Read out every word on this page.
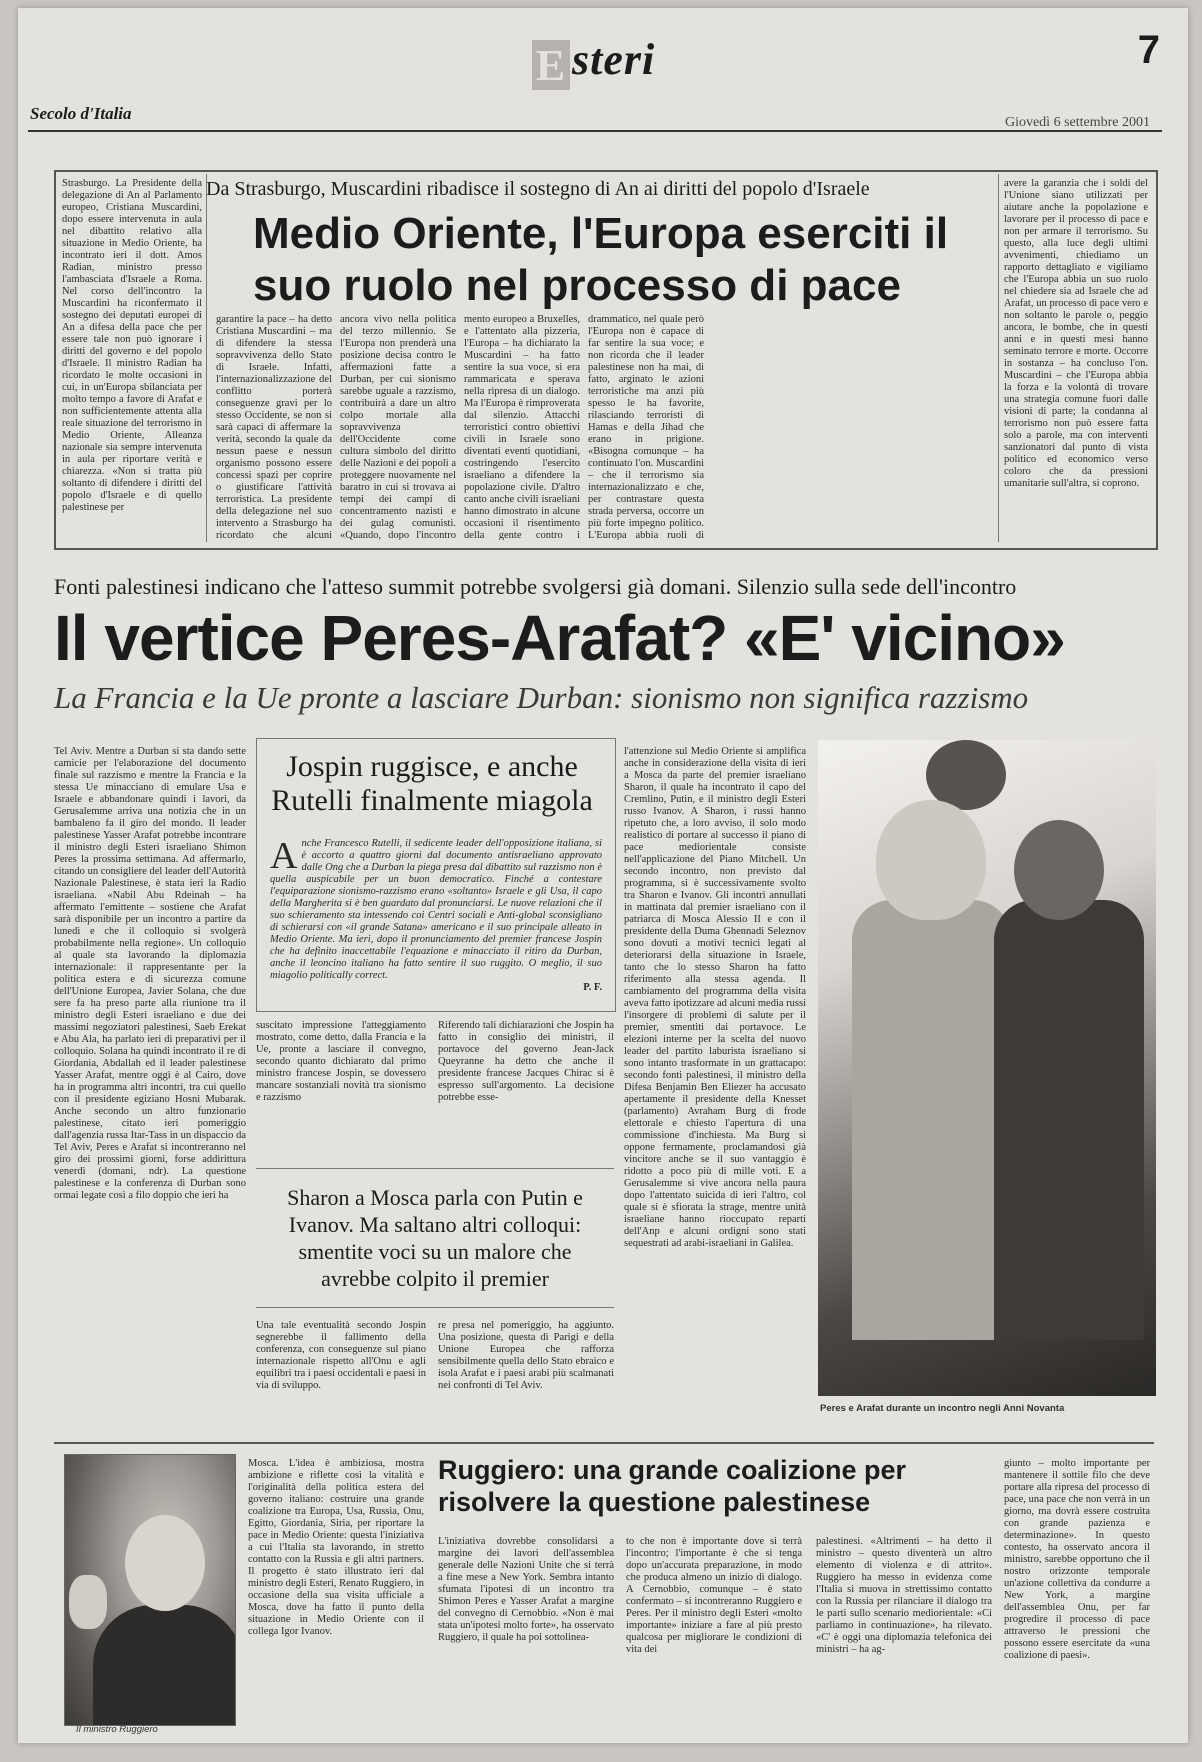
E steri	7
Secolo d'Italia	Giovedì 6 settembre 2001
Strasburgo. La Presidente della delegazione di An al Parlamento europeo, Cristiana Muscardini, dopo essere intervenuta in aula nel dibattito relativo alla situazione in Medio Oriente, ha incontrato ieri il dott. Amos Radian, ministro presso l'ambasciata d'Israele a Roma. Nel corso dell'incontro la Muscardini ha riconfermato il sostegno dei deputati europei di An a difesa della pace che per essere tale non può ignorare i diritti del governo e del popolo d'Israele. Il ministro Radian ha ricordato le molte occasioni in cui, in un'Europa sbilanciata per molto tempo a favore di Arafat e non sufficientemente attenta alla reale situazione del terrorismo in Medio Oriente, Alleanza nazionale sia sempre intervenuta in aula per riportare verità e chiarezza. «Non si tratta più soltanto di difendere i diritti del popolo d'Israele e di quello palestinese per
Da Strasburgo, Muscardini ribadisce il sostegno di An ai diritti del popolo d'Israele
Medio Oriente, l'Europa eserciti il suo ruolo nel processo di pace
garantire la pace – ha detto Cristiana Muscardini – ma di difendere la stessa sopravvivenza dello Stato di Israele. Infatti, l'internazionalizzazione del conflitto porterà conseguenze gravi per lo stesso Occidente, se non si sarà capaci di affermare la verità, secondo la quale da nessun paese e nessun organismo possono essere concessi spazi per coprire o giustificare l'attività terroristica. La presidente della delegazione nel suo intervento a Strasburgo ha ricordato che alcuni
ancora vivo nella politica del terzo millennio. Se l'Europa non prenderà una posizione decisa contro le affermazioni fatte a Durban, per cui sionismo sarebbe uguale a razzismo, contribuirà a dare un altro colpo mortale alla sopravvivenza dell'Occidente come cultura simbolo del diritto delle Nazioni e dei popoli a proteggere nuovamente nel baratro in cui si trovava ai tempi dei campi di concentramento nazisti e dei gulag comunisti. «Quando, dopo l'incontro
mento europeo a Bruxelles, e l'attentato alla pizzeria, l'Europa – ha dichiarato la Muscardini – ha fatto sentire la sua voce, si era rammaricata e sperava nella ripresa di un dialogo. Ma l'Europa è rimproverata dal silenzio. Attacchi terroristici contro obiettivi civili in Israele sono diventati eventi quotidiani, costringendo l'esercito israeliano a difendere la popolazione civile. D'altro canto anche civili israeliani hanno dimostrato in alcune occasioni il risentimento della gente contro i
drammatico, nel quale però l'Europa non è capace di far sentire la sua voce; e non ricorda che il leader palestinese non ha mai, di fatto, arginato le azioni terroristiche ma anzi più spesso le ha favorite, rilasciando terroristi di Hamas e della Jihad che erano in prigione. «Bisogna comunque – ha continuato l'on. Muscardini – che il terrorismo sia internazionalizzato e che, per contrastare questa strada perversa, occorre un più forte impegno politico. L'Europa abbia ruoli di
avere la garanzia che i soldi del l'Unione siano utilizzati per aiutare anche la popolazione e lavorare per il processo di pace e non per armare il terrorismo. Su questo, alla luce degli ultimi avvenimenti, chiediamo un rapporto dettagliato e vigiliamo che l'Europa abbia un suo ruolo nel chiedere sia ad Israele che ad Arafat, un processo di pace vero e non soltanto le parole o, peggio ancora, le bombe, che in questi anni e in questi mesi hanno seminato terrore e morte. Occorre in sostanza – ha concluso l'on. Muscardini – che l'Europa abbia la forza e la volontà di trovare una strategia comune fuori dalle visioni di parte; la condanna al terrorismo non può essere fatta solo a parole, ma con interventi sanzionatori dal punto di vista politico ed economico verso coloro che da pressioni umanitarie sull'altra, si coprono.
Fonti palestinesi indicano che l'atteso summit potrebbe svolgersi già domani. Silenzio sulla sede dell'incontro
Il vertice Peres-Arafat? «E' vicino»
La Francia e la Ue pronte a lasciare Durban: sionismo non significa razzismo
Tel Aviv. Mentre a Durban si sta dando sette camicie per l'elaborazione del documento finale sul razzismo e mentre la Francia e la stessa Ue minacciano di emulare Usa e Israele e abbandonare quindi i lavori, da Gerusalemme arriva una notizia che in un bambaleno fa il giro del mondo. Il leader palestinese Yasser Arafat potrebbe incontrare il ministro degli Esteri israeliano Shimon Peres la prossima settimana. Ad affermarlo, citando un consigliere del leader dell'Autorità Nazionale Palestinese, è stata ieri la Radio israeliana. «Nabil Abu Rdeinah – ha affermato l'emittente – sostiene che Arafat sarà disponibile per un incontro a partire da lunedì e che il colloquio si svolgerà probabilmente nella regione». Un colloquio al quale sta lavorando la diplomazia internazionale: il rappresentante per la politica estera e di sicurezza comune dell'Unione Europea, Javier Solana, che due sere fa ha preso parte alla riunione tra il ministro degli Esteri israeliano e due dei massimi negoziatori palestinesi, Saeb Erekat e Abu Ala, ha parlato ieri di preparativi per il colloquio. Solana ha quindi incontrato il re di Giordania, Abdallah ed il leader palestinese Yasser Arafat, mentre oggi è al Cairo, dove ha in programma altri incontri, tra cui quello con il presidente egiziano Hosni Mubarak. Anche secondo un altro funzionario palestinese, citato ieri pomeriggio dall'agenzia russa Itar-Tass in un dispaccio da Tel Aviv, Peres e Arafat si incontreranno nel giro dei prossimi giorni, forse addirittura venerdì (domani, ndr). La questione palestinese e la conferenza di Durban sono ormai legate così a filo doppio che ieri ha
Jospin ruggisce, e anche Rutelli finalmente miagola
Anche Francesco Rutelli, il sedicente leader dell'opposizione italiana, si è accorto a quattro giorni dal documento antisraeliano approvato dalle Ong che a Durban la piega presa dal dibattito sul razzismo non è quella auspicabile per un buon democratico. Finché a contestare l'equiparazione sionismo-razzismo erano «soltanto» Israele e gli Usa, il capo della Margherita si è ben guardato dal pronunciarsi. Le nuove relazioni che il suo schieramento sta intessendo coi Centri sociali e Anti-global sconsigliano di schierarsi con «il grande Satana» americano e il suo principale alleato in Medio Oriente. Ma ieri, dopo il pronunciamento del premier francese Jospin che ha definito inaccettabile l'equazione e minacciato il ritiro da Durban, anche il leoncino italiano ha fatto sentire il suo ruggito. O meglio, il suo miagolio politically correct.
P. F.
suscitato impressione l'atteggiamento mostrato, come detto, dalla Francia e la Ue, pronte a lasciare il convegno, secondo quanto dichiarato dal primo ministro francese Jospin, se dovessero mancare sostanziali novità tra sionismo e razzismo
Riferendo tali dichiarazioni che Jospin ha fatto in consiglio dei ministri, il portavoce del governo Jean-Jack Queyranne ha detto che anche il presidente francese Jacques Chirac si è espresso sull'argomento. La decisione potrebbe esse-
Sharon a Mosca parla con Putin e Ivanov. Ma saltano altri colloqui: smentite voci su un malore che avrebbe colpito il premier
Una tale eventualità secondo Jospin segnerebbe il fallimento della conferenza, con conseguenze sul piano internazionale rispetto all'Onu e agli equilibri tra i paesi occidentali e paesi in via di sviluppo.
re presa nel pomeriggio, ha aggiunto. Una posizione, questa di Parigi e della Unione Europea che rafforza sensibilmente quella dello Stato ebraico e isola Arafat e i paesi arabi più scalmanati nei confronti di Tel Aviv.
l'attenzione sul Medio Oriente si amplifica anche in considerazione della visita di ieri a Mosca da parte del premier israeliano Sharon, il quale ha incontrato il capo del Cremlino, Putin, e il ministro degli Esteri russo Ivanov. A Sharon, i russi hanno ripetuto che, a loro avviso, il solo modo realistico di portare al successo il piano di pace mediorientale consiste nell'applicazione del Piano Mitchell. Un secondo incontro, non previsto dal programma, si è successivamente svolto tra Sharon e Ivanov. Gli incontri annullati in mattinata dal premier israeliano con il patriarca di Mosca Alessio II e con il presidente della Duma Ghennadi Seleznov sono dovuti a motivi tecnici legati al deteriorarsi della situazione in Israele, tanto che lo stesso Sharon ha fatto riferimento alla stessa agenda. Il cambiamento del programma della visita aveva fatto ipotizzare ad alcuni media russi l'insorgere di problemi di salute per il premier, smentiti dai portavoce. Le elezioni interne per la scelta del nuovo leader del partito laburista israeliano si sono intanto trasformate in un grattacapo: secondo fonti palestinesi, il ministro della Difesa Benjamin Ben Eliezer ha accusato apertamente il presidente della Knesset (parlamento) Avraham Burg di frode elettorale e chiesto l'apertura di una commissione d'inchiesta. Ma Burg si oppone fermamente, proclamandosi già vincitore anche se il suo vantaggio è ridotto a poco più di mille voti. E a Gerusalemme si vive ancora nella paura dopo l'attentato suicida di ieri l'altro, col quale si è sfiorata la strage, mentre unità israeliane hanno rioccupato reparti dell'Anp e alcuni ordigni sono stati sequestrati ad arabi-israeliani in Galilea.
Peres e Arafat durante un incontro negli Anni Novanta
Il ministro Ruggiero
Mosca. L'idea è ambiziosa, mostra ambizione e riflette così la vitalità e l'originalità della politica estera del governo italiano: costruire una grande coalizione tra Europa, Usa, Russia, Onu, Egitto, Giordania, Siria, per riportare la pace in Medio Oriente: questa l'iniziativa a cui l'Italia sta lavorando, in stretto contatto con la Russia e gli altri partners. Il progetto è stato illustrato ieri dal ministro degli Esteri, Renato Ruggiero, in occasione della sua visita ufficiale a Mosca, dove ha fatto il punto della situazione in Medio Oriente con il collega Igor Ivanov.
Ruggiero: una grande coalizione per risolvere la questione palestinese
L'iniziativa dovrebbe consolidarsi a margine dei lavori dell'assemblea generale delle Nazioni Unite che si terrà a fine mese a New York. Sembra intanto sfumata l'ipotesi di un incontro tra Shimon Peres e Yasser Arafat a margine del convegno di Cernobbio. «Non è mai stata un'ipotesi molto forte», ha osservato Ruggiero, il quale ha poi sottolinea-
to che non è importante dove si terrà l'incontro; l'importante è che si tenga dopo un'accurata preparazione, in modo che produca almeno un inizio di dialogo. A Cernobbio, comunque – è stato confermato – si incontreranno Ruggiero e Peres. Per il ministro degli Esteri «molto importante» iniziare a fare al più presto qualcosa per migliorare le condizioni di vita dei
palestinesi. «Altrimenti – ha detto il ministro – questo diventerà un altro elemento di violenza e di attrito». Ruggiero ha messo in evidenza come l'Italia si muova in strettissimo contatto con la Russia per rilanciare il dialogo tra le parti sullo scenario mediorientale: «Ci parliamo in continuazione», ha rilevato. «C' è oggi una diplomazia telefonica dei ministri – ha ag-
giunto – molto importante per mantenere il sottile filo che deve portare alla ripresa del processo di pace, una pace che non verrà in un giorno, ma dovrà essere costruita con grande pazienza e determinazione». In questo contesto, ha osservato ancora il ministro, sarebbe opportuno che il nostro orizzonte temporale un'azione collettiva da condurre a New York, a margine dell'assemblea Onu, per far progredire il processo di pace attraverso le pressioni che possono essere esercitate da «una coalizione di paesi».
